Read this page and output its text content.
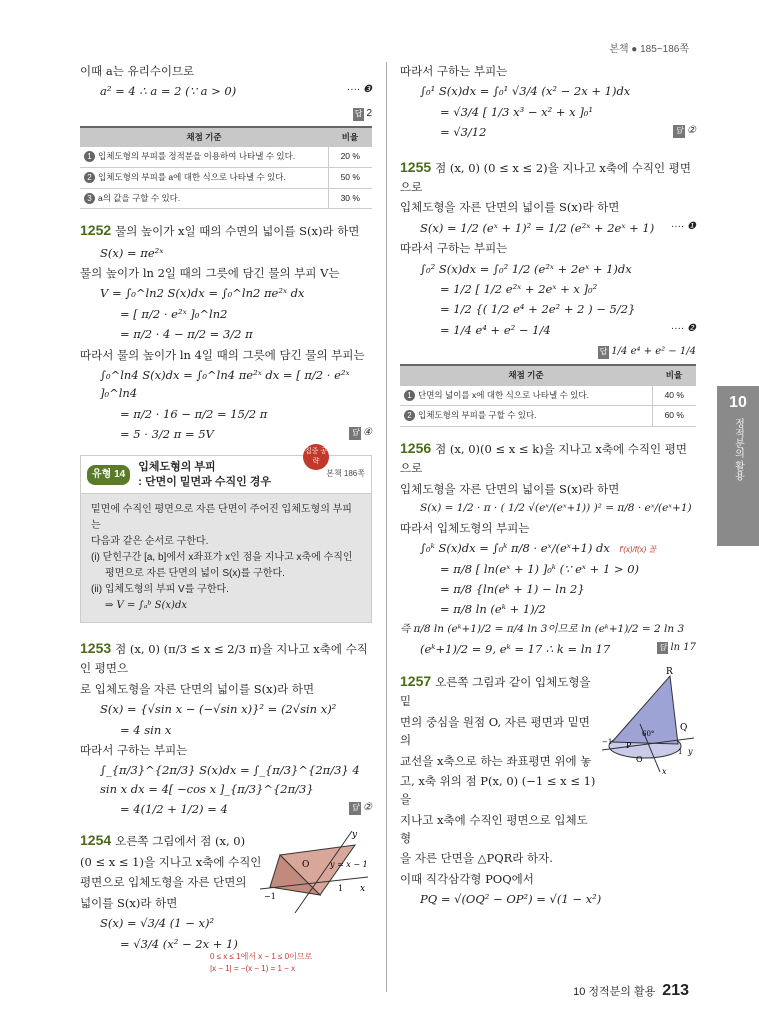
본책 ● 185~186쪽
이때 a는 유리수이므로
a² = 4 ∴ a = 2 (∵ a > 0)	···· ❸
답 2
채점 기준	비율
1 입체도형의 부피를 정적분을 이용하여 나타낼 수 있다.	20 %
2 입체도형의 부피를 a에 대한 식으로 나타낼 수 있다.	50 %
3 a의 값을 구할 수 있다.	30 %
1252 물의 높이가 x일 때의 수면의 넓이를 S(x)라 하면
S(x) = πe²ˣ
물의 높이가 ln 2일 때의 그릇에 담긴 물의 부피 V는
V = ∫₀^ln2 S(x)dx = ∫₀^ln2 πe²ˣ dx
= [ π/2 · e²ˣ ]₀^ln2
= π/2 · 4 − π/2 = 3/2 π
따라서 물의 높이가 ln 4일 때의 그릇에 담긴 물의 부피는
∫₀^ln4 S(x)dx = ∫₀^ln4 πe²ˣ dx = [ π/2 · e²ˣ ]₀^ln4
= π/2 · 16 − π/2 = 15/2 π
= 5 · 3/2 π = 5V	답 ④
유형 14
입체도형의 부피
: 단면이 밑면과 수직인 경우
본책 186쪽
집중 공략
밑면에 수직인 평면으로 자른 단면이 주어진 입체도형의 부피는
다음과 같은 순서로 구한다.
(i) 닫힌구간 [a, b]에서 x좌표가 x인 점을 지나고 x축에 수직인
평면으로 자른 단면의 넓이 S(x)를 구한다.
(ii) 입체도형의 부피 V를 구한다.
⇒ V = ∫ₐᵇ S(x)dx
1253 점 (x, 0) (π/3 ≤ x ≤ 2/3 π)을 지나고 x축에 수직인 평면으
로 입체도형을 자른 단면의 넓이를 S(x)라 하면
S(x) = {√sin x − (−√sin x)}² = (2√sin x)²
= 4 sin x
따라서 구하는 부피는
∫_{π/3}^{2π/3} S(x)dx = ∫_{π/3}^{2π/3} 4 sin x dx = 4[ −cos x ]_{π/3}^{2π/3}
= 4(1/2 + 1/2) = 4	답 ②
1254 오른쪽 그림에서 점 (x, 0)
(0 ≤ x ≤ 1)을 지나고 x축에 수직인
평면으로 입체도형을 자른 단면의
넓이를 S(x)라 하면
S(x) = √3/4 (1 − x)²
= √3/4 (x² − 2x + 1)
0 ≤ x ≤ 1에서 x − 1 ≤ 0이므로
|x − 1| = −(x − 1) = 1 − x
O
−1
1 x
y
y = x − 1
따라서 구하는 부피는
∫₀¹ S(x)dx = ∫₀¹ √3/4 (x² − 2x + 1)dx
= √3/4 [ 1/3 x³ − x² + x ]₀¹
= √3/12	답 ②
1255 점 (x, 0) (0 ≤ x ≤ 2)을 지나고 x축에 수직인 평면으로
입체도형을 자른 단면의 넓이를 S(x)라 하면
S(x) = 1/2 (eˣ + 1)² = 1/2 (e²ˣ + 2eˣ + 1) ···· ❶
따라서 구하는 부피는
∫₀² S(x)dx = ∫₀² 1/2 (e²ˣ + 2eˣ + 1)dx
= 1/2 [ 1/2 e²ˣ + 2eˣ + x ]₀²
= 1/2 {( 1/2 e⁴ + 2e² + 2 ) − 5/2}
= 1/4 e⁴ + e² − 1/4	···· ❷
답 1/4 e⁴ + e² − 1/4
채점 기준	비율
1 단면의 넓이를 x에 대한 식으로 나타낼 수 있다.	40 %
2 입체도형의 부피를 구할 수 있다.	60 %
1256 점 (x, 0)(0 ≤ x ≤ k)을 지나고 x축에 수직인 평면으로
입체도형을 자른 단면의 넓이를 S(x)라 하면
S(x) = 1/2 · π · ( 1/2 √(eˣ/(eˣ+1)) )² = π/8 · eˣ/(eˣ+1)
따라서 입체도형의 부피는
∫₀ᵏ S(x)dx = ∫₀ᵏ π/8 · eˣ/(eˣ+1) dx f′(x)/f(x) 꼴
= π/8 [ ln(eˣ + 1) ]₀ᵏ (∵ eˣ + 1 > 0)
= π/8 {ln(eᵏ + 1) − ln 2}
= π/8 ln (eᵏ + 1)/2
즉 π/8 ln (eᵏ+1)/2 = π/4 ln 3이므로 ln (eᵏ+1)/2 = 2 ln 3
(eᵏ+1)/2 = 9, eᵏ = 17 ∴ k = ln 17	답 ln 17
1257 오른쪽 그림과 같이 입체도형을 밑
면의 중심을 원점 O, 자른 평면과 밑면의
교선을 x축으로 하는 좌표평면 위에 놓
고, x축 위의 점 P(x, 0) (−1 ≤ x ≤ 1)을
지나고 x축에 수직인 평면으로 입체도형
을 자른 단면을 △PQR라 하자.
이때 직각삼각형 POQ에서
PQ = √(OQ² − OP²) = √(1 − x²)
R
Q
P
O
60°
−1
1 y
x
10
정적분의 활용
10 정적분의 활용 213
